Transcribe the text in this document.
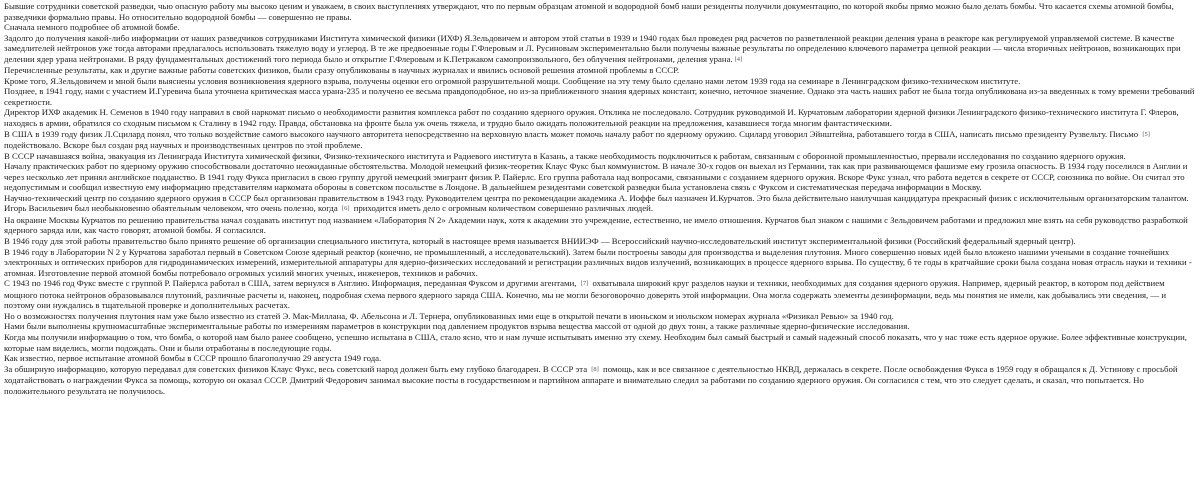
Бывшие сотрудники советской разведки, чью опасную работу мы высоко ценим и уважаем, в своих выступлениях утверждают, что по первым образцам атомной и водородной бомб наши резиденты получили документацию, по которой якобы прямо можно было делать бомбы. Что касается схемы атомной бомбы, разведчики формально правы. Но относительно водородной бомбы — совершенно не правы.
Сначала немного подробнее об атомной бомбе.
Задолго до получения какой-либо информации от наших разведчиков сотрудниками Института химической физики (ИХФ) Я.Зельдовичем и автором этой статьи в 1939 и 1940 годах был проведен ряд расчетов по разветвленной реакции деления урана в реакторе как регулируемой управляемой системе. В качестве замедлителей нейтронов уже тогда авторами предлагалось использовать тяжелую воду и углерод. В те же предвоенные годы Г.Флеровым и Л. Русиновым экспериментально были получены важные результаты по определению ключевого параметра цепной реакции — числа вторичных нейтронов, возникающих при делении ядер урана нейтронами. В ряду фундаментальных достижений того периода было и открытие Г.Флеровым и К.Петржаком самопроизвольного, без облучения нейтронами, деления урана. [4]
Перечисленные результаты, как и другие важные работы советских физиков, были сразу опубликованы в научных журналах и явились основой решения атомной проблемы в СССР.
Кроме того, Я.Зельдовичем и мной были выяснены условия возникновения ядерного взрыва, получены оценки его огромной разрушительной мощи. Сообщение на эту тему было сделано нами летом 1939 года на семинаре в Ленинградском физико-техническом институте.
Позднее, в 1941 году, нами с участием И.Гуревича была уточнена критическая масса урана-235 и получено ее весьма правдоподобное, но из-за приближенного знания ядерных констант, конечно, неточное значение. Однако эта часть наших работ не была тогда опубликована из-за введенных к тому времени требований секретности.
Директор ИХФ академик Н. Семенов в 1940 году направил в свой наркомат письмо о необходимости развития комплекса работ по созданию ядерного оружия. Отклика не последовало. Сотрудник руководимой И. Курчатовым лаборатории ядерной физики Ленинградского физико-технического института Г. Флеров, находясь в армии, обратился со сходным письмом к Сталину в 1942 году. Правда, обстановка на фронте была уж очень тяжела, и трудно было ожидать положительной реакции на предложения, казавшиеся тогда многим фантастическими.
В США в 1939 году физик Л.Сцилард понял, что только воздействие самого высокого научного авторитета непосредственно на верховную власть может помочь началу работ по ядерному оружию. Сцилард уговорил Эйнштейна, работавшего тогда в США, написать письмо президенту Рузвельту. Письмо [5] подействовало. Вскоре был создан ряд научных и производственных центров по этой проблеме.
В СССР начавшаяся война, эвакуация из Ленинграда Института химической физики, Физико-технического института и Радиевого института в Казань, а также необходимость подключиться к работам, связанным с оборонной промышленностью, прервали исследования по созданию ядерного оружия.
Началу практических работ по ядерному оружию способствовали достаточно неожиданные обстоятельства. Молодой немецкий физик-теоретик Клаус Фукс был коммунистом. В начале 30-х годов он выехал из Германии, так как при развивающемся фашизме ему грозила опасность. В 1934 году поселился в Англии и через несколько лет принял английское подданство. В 1941 году Фукса пригласил в свою группу другой немецкий эмигрант физик Р. Пайерлс. Его группа работала над вопросами, связанными с созданием ядерного оружия. Вскоре Фукс узнал, что работа ведется в секрете от СССР, союзника по войне. Он считал это недопустимым и сообщил известную ему информацию представителям наркомата обороны в советском посольстве в Лондоне. В дальнейшем резидентами советской разведки была установлена связь с Фуксом и систематическая передача информации в Москву.
Научно-технический центр по созданию ядерного оружия в СССР был организован правительством в 1943 году. Руководителем центра по рекомендации академика А. Иоффе был назначен И.Курчатов. Это была действительно наилучшая кандидатура прекрасный физик с исключительным организаторским талантом. Игорь Васильевич был необыкновенно обаятельным человеком, что очень полезно, когда [6] приходится иметь дело с огромным количеством совершенно различных людей.
На окраине Москвы Курчатов по решению правительства начал создавать институт под названием «Лаборатория N 2» Академии наук, хотя к академии это учреждение, естественно, не имело отношения. Курчатов был знаком с нашими с Зельдовичем работами и предложил мне взять на себя руководство разработкой ядерного заряда или, как часто говорят, атомной бомбы. Я согласился.
В 1946 году для этой работы правительство было принято решение об организации специального института, который в настоящее время называется ВНИИЭФ — Всероссийский научно-исследовательский институт экспериментальной физики (Российский федеральный ядерный центр).
В 1946 году в Лаборатории N 2 у Курчатова заработал первый в Советском Союзе ядерный реактор (конечно, не промышленный, а исследовательский). Затем были построены заводы для производства и выделения плутония. Много совершенно новых идей было вложено нашими учеными в создание точнейших электронных и оптических приборов для гидродинамических измерений, измерительной аппаратуры для ядерно-физических исследований и регистрации различных видов излучений, возникающих в процессе ядерного взрыва. По существу, б те годы в кратчайшие сроки была создана новая отрасль науки и техники - атомная. Изготовление первой атомной бомбы потребовало огромных усилий многих ученых, инженеров, техников и рабочих.
С 1943 по 1946 год Фукс вместе с группой Р. Пайерлса работал в США, затем вернулся в Англию. Информация, переданная Фуксом и другими агентами, [7] охватывала широкий круг разделов науки и техники, необходимых для создания ядерного оружия. Например, ядерный реактор, в котором под действием мощного потока нейтронов образовывался плутоний, различные расчеты и, наконец, подробная схема первого ядерного заряда США. Конечно, мы не могли безоговорочно доверять этой информации. Она могла содержать элементы дезинформации, ведь мы понятия не имели, как добывались эти сведения, — и поэтому они нуждались в тщательной проверке и дополнительных расчетах.
Но о возможностях получения плутония нам уже было известно из статей Э. Мак-Миллана, Ф. Абельсона и Л. Тернера, опубликованных ими еще в открытой печати в июньском и июльском номерах журнала «Физикал Ревью» за 1940 год.
Нами были выполнены крупномасштабные экспериментальные работы по измерениям параметров в конструкции под давлением продуктов взрыва вещества массой от одной до двух тонн, а также различные ядерно-физические исследования.
Когда мы получили информацию о том, что бомба, о которой нам было ранее сообщено, успешно испытана в США, стало ясно, что и нам лучше испытывать именно эту схему. Необходим был самый быстрый и самый надежный способ показать, что у нас тоже есть ядерное оружие. Более эффективные конструкции, которые нам виделись, могли подождать. Они и были отработаны в последующие годы.
Как известно, первое испытание атомной бомбы в СССР прошло благополучно 29 августа 1949 года.
За обширную информацию, которую передавал для советских физиков Клаус Фукс, весь советский народ должен быть ему глубоко благодарен. В СССР эта [8] помощь, как и все связанное с деятельностью НКВД, держалась в секрете. После освобождения Фукса в 1959 году я обращался к Д. Устинову с просьбой ходатайствовать о награждении Фукса за помощь, которую он оказал СССР. Дмитрий Федорович занимал высокие посты в государственном и партийном аппарате и внимательно следил за работами по созданию ядерного оружия. Он согласился с тем, что это следует сделать, и сказал, что попытается. Но положительного результата не получилось.
